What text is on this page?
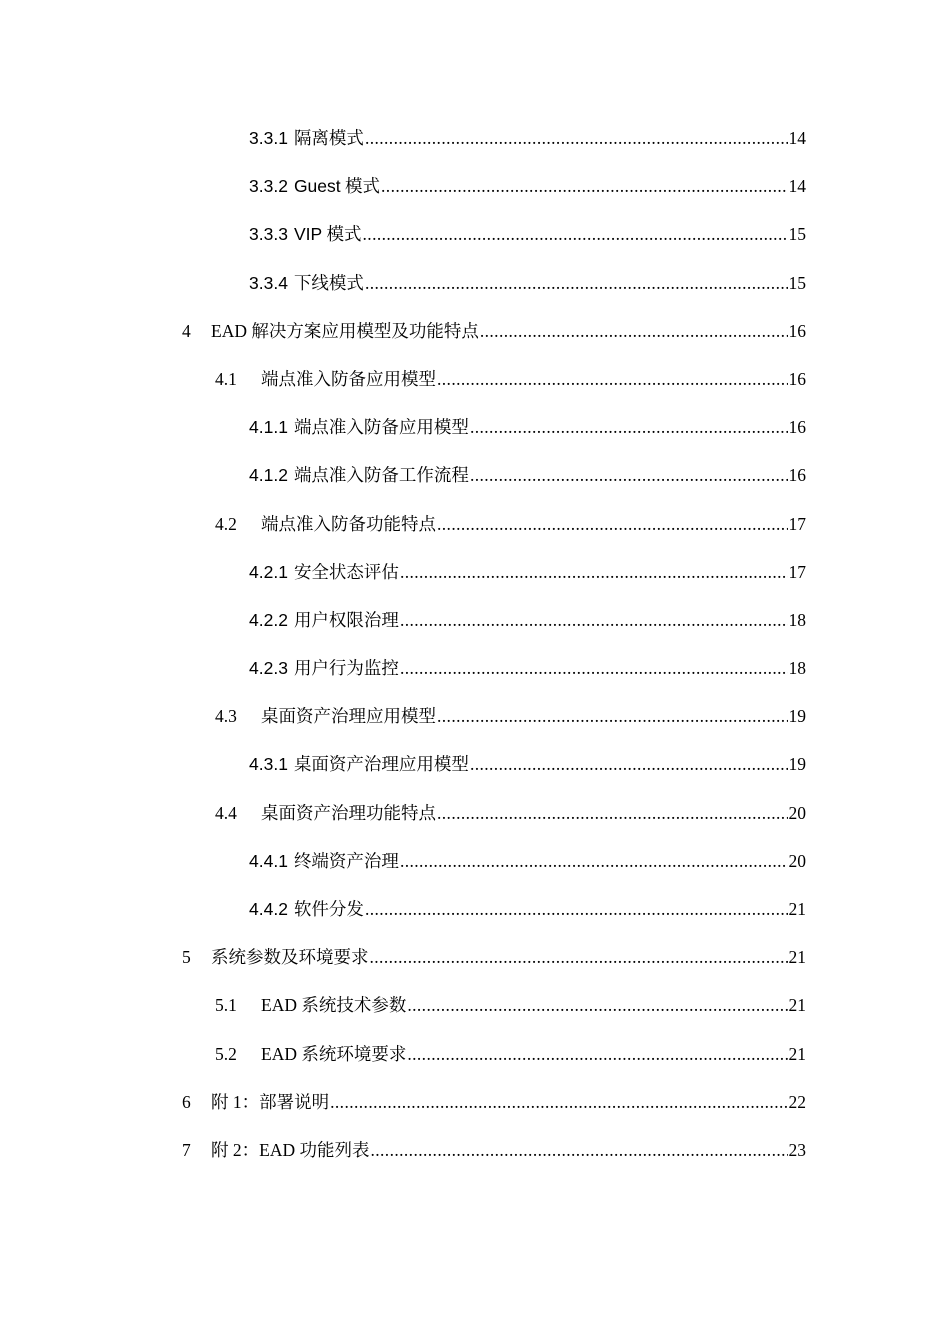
3.3.1 隔离模式 .....	14
3.3.2 Guest 模式 .....	14
3.3.3 VIP 模式 .....	15
3.3.4 下线模式 .....	15
4	EAD 解决方案应用模型及功能特点 .....	16
4.1	端点准入防备应用模型 .....	16
4.1.1 端点准入防备应用模型 .....	16
4.1.2 端点准入防备工作流程 .....	16
4.2	端点准入防备功能特点 .....	17
4.2.1 安全状态评估 .....	17
4.2.2 用户权限治理 .....	18
4.2.3 用户行为监控 .....	18
4.3	桌面资产治理应用模型 .....	19
4.3.1 桌面资产治理应用模型 .....	19
4.4	桌面资产治理功能特点 .....	20
4.4.1 终端资产治理 .....	20
4.4.2 软件分发 .....	21
5	系统参数及环境要求 .....	21
5.1	EAD 系统技术参数 .....	21
5.2	EAD 系统环境要求 .....	21
6	附 1：部署说明 .....	22
7	附 2：EAD 功能列表 .....	23
